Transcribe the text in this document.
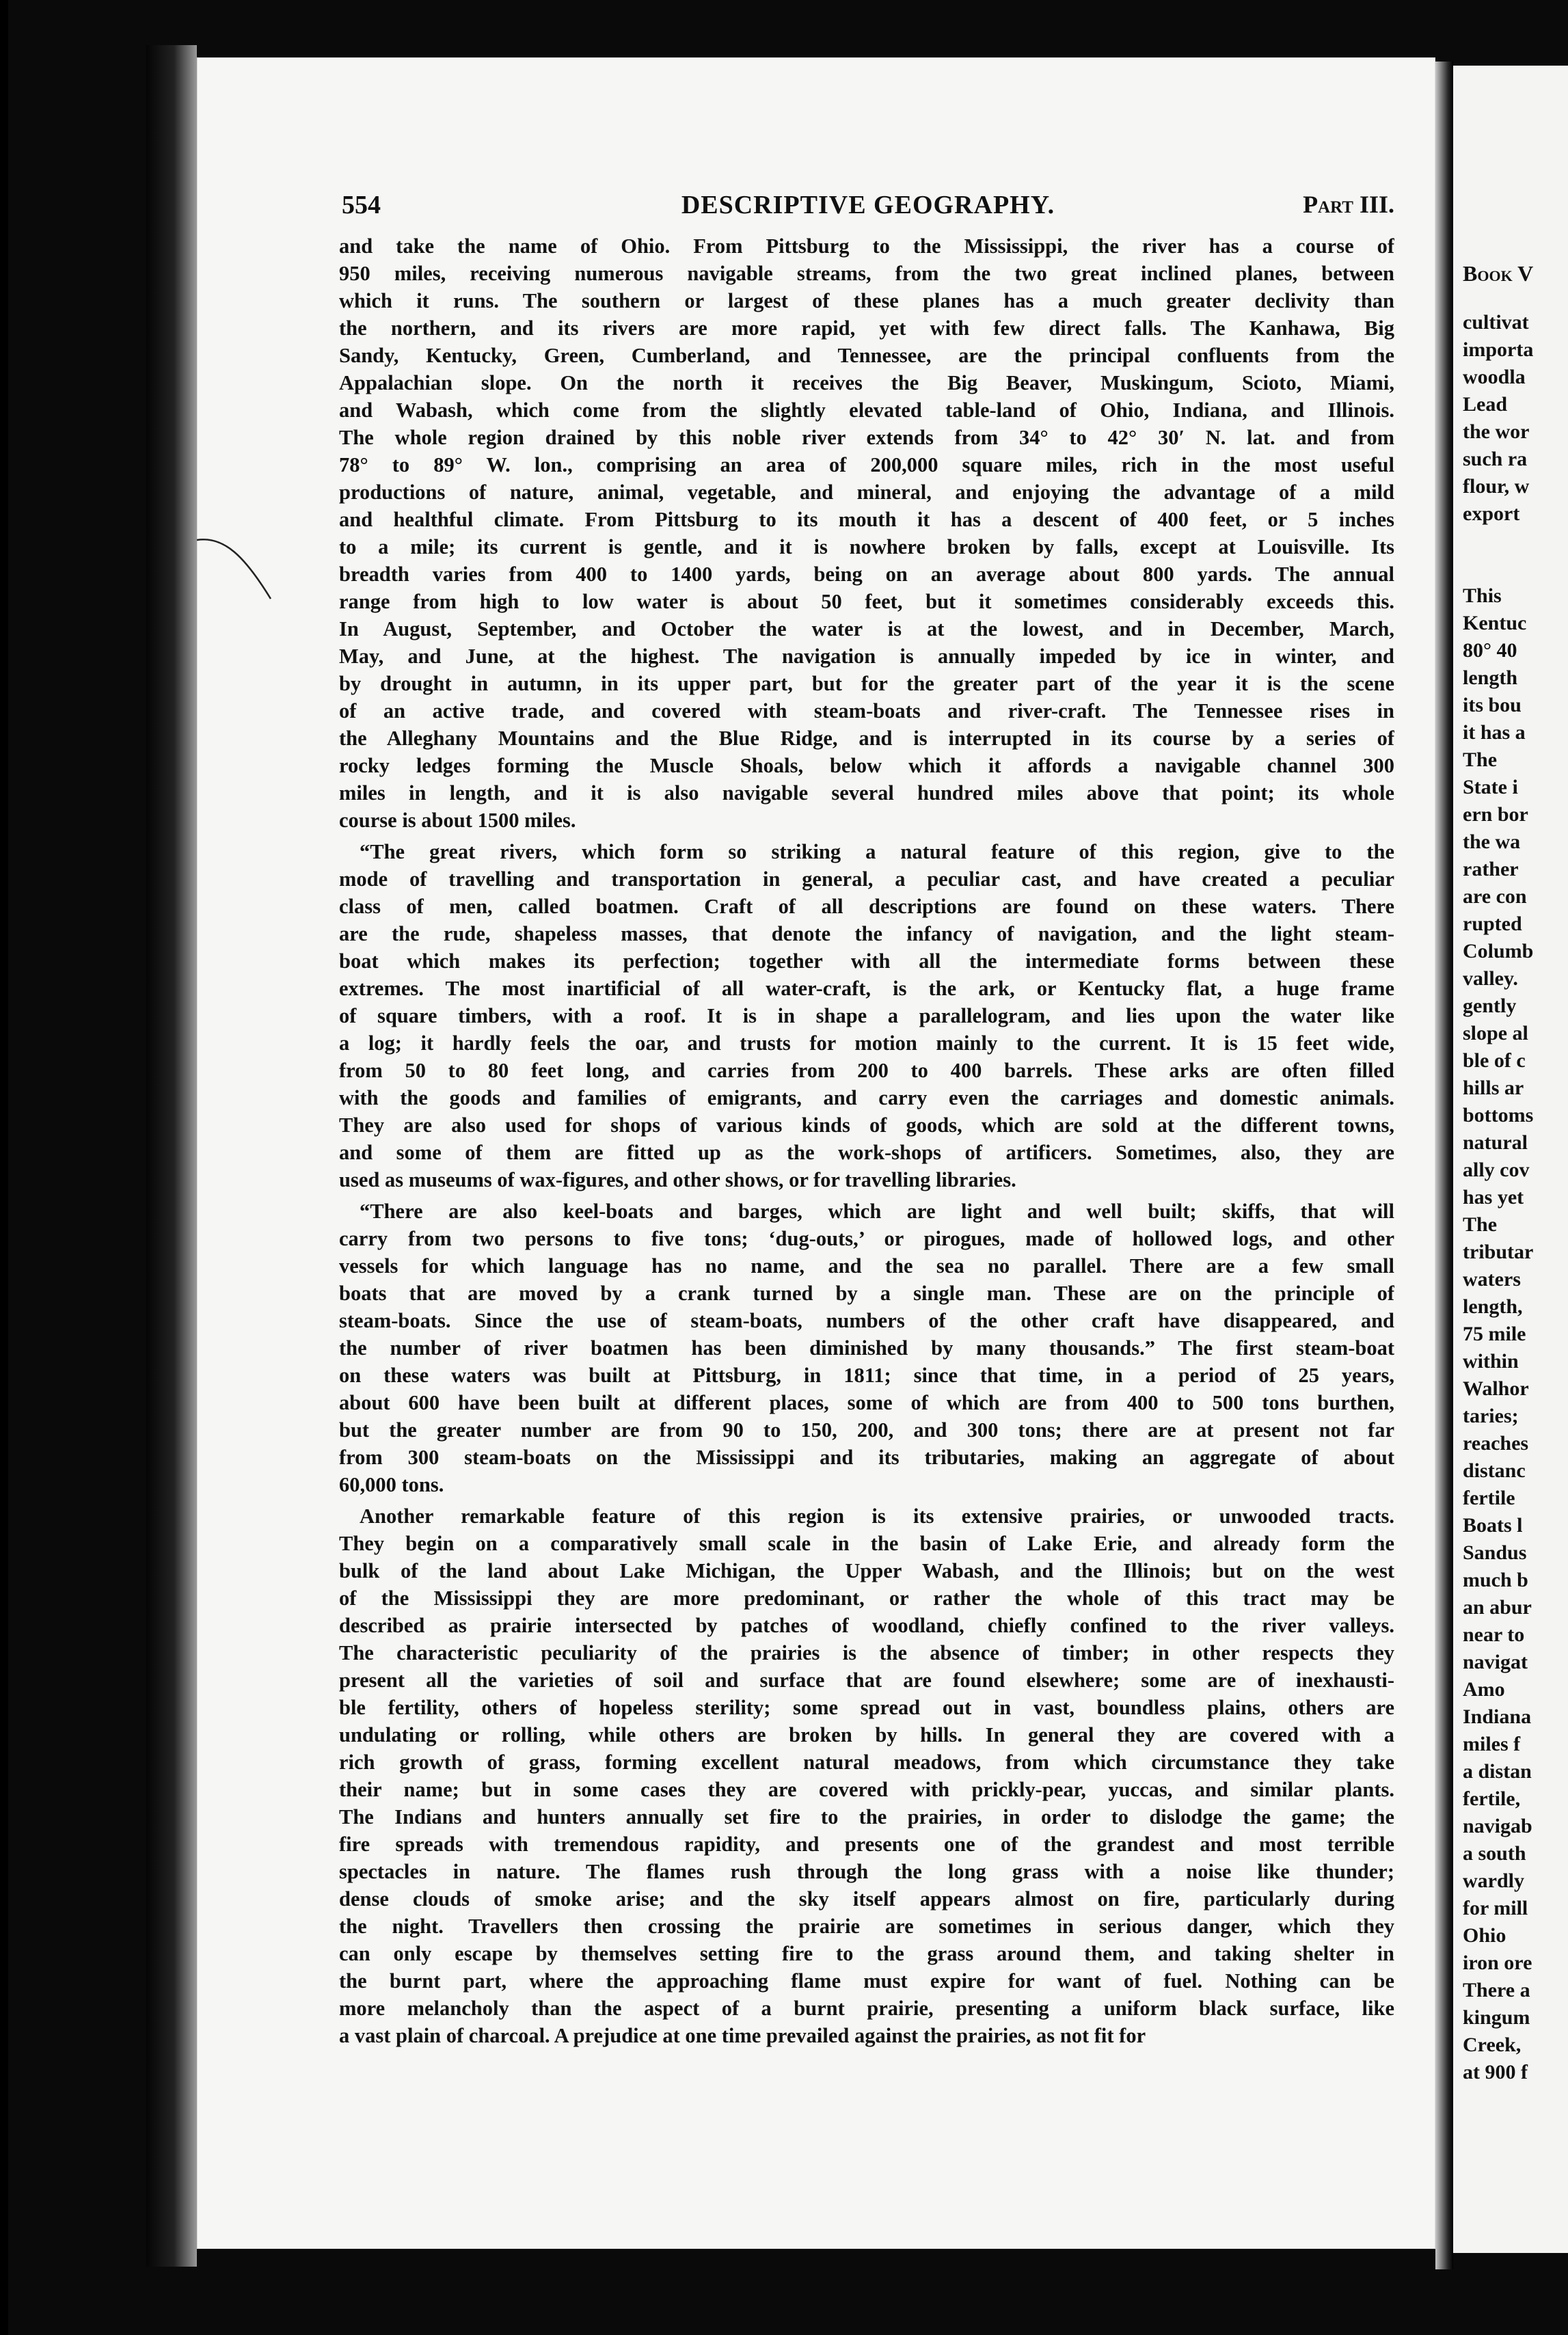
554	DESCRIPTIVE GEOGRAPHY.	Part III.
and take the name of Ohio. From Pittsburg to the Mississippi, the river has a course of
950 miles, receiving numerous navigable streams, from the two great inclined planes, between
which it runs. The southern or largest of these planes has a much greater declivity than
the northern, and its rivers are more rapid, yet with few direct falls. The Kanhawa, Big
Sandy, Kentucky, Green, Cumberland, and Tennessee, are the principal confluents from the
Appalachian slope. On the north it receives the Big Beaver, Muskingum, Scioto, Miami,
and Wabash, which come from the slightly elevated table-land of Ohio, Indiana, and Illinois.
The whole region drained by this noble river extends from 34° to 42° 30′ N. lat. and from
78° to 89° W. lon., comprising an area of 200,000 square miles, rich in the most useful
productions of nature, animal, vegetable, and mineral, and enjoying the advantage of a mild
and healthful climate. From Pittsburg to its mouth it has a descent of 400 feet, or 5 inches
to a mile; its current is gentle, and it is nowhere broken by falls, except at Louisville. Its
breadth varies from 400 to 1400 yards, being on an average about 800 yards. The annual
range from high to low water is about 50 feet, but it sometimes considerably exceeds this.
In August, September, and October the water is at the lowest, and in December, March,
May, and June, at the highest. The navigation is annually impeded by ice in winter, and
by drought in autumn, in its upper part, but for the greater part of the year it is the scene
of an active trade, and covered with steam-boats and river-craft. The Tennessee rises in
the Alleghany Mountains and the Blue Ridge, and is interrupted in its course by a series of
rocky ledges forming the Muscle Shoals, below which it affords a navigable channel 300
miles in length, and it is also navigable several hundred miles above that point; its whole
course is about 1500 miles.
“The great rivers, which form so striking a natural feature of this region, give to the
mode of travelling and transportation in general, a peculiar cast, and have created a peculiar
class of men, called boatmen. Craft of all descriptions are found on these waters. There
are the rude, shapeless masses, that denote the infancy of navigation, and the light steam-
boat which makes its perfection; together with all the intermediate forms between these
extremes. The most inartificial of all water-craft, is the ark, or Kentucky flat, a huge frame
of square timbers, with a roof. It is in shape a parallelogram, and lies upon the water like
a log; it hardly feels the oar, and trusts for motion mainly to the current. It is 15 feet wide,
from 50 to 80 feet long, and carries from 200 to 400 barrels. These arks are often filled
with the goods and families of emigrants, and carry even the carriages and domestic animals.
They are also used for shops of various kinds of goods, which are sold at the different towns,
and some of them are fitted up as the work-shops of artificers. Sometimes, also, they are
used as museums of wax-figures, and other shows, or for travelling libraries.
“There are also keel-boats and barges, which are light and well built; skiffs, that will
carry from two persons to five tons; ‘dug-outs,’ or pirogues, made of hollowed logs, and other
vessels for which language has no name, and the sea no parallel. There are a few small
boats that are moved by a crank turned by a single man. These are on the principle of
steam-boats. Since the use of steam-boats, numbers of the other craft have disappeared, and
the number of river boatmen has been diminished by many thousands.” The first steam-boat
on these waters was built at Pittsburg, in 1811; since that time, in a period of 25 years,
about 600 have been built at different places, some of which are from 400 to 500 tons burthen,
but the greater number are from 90 to 150, 200, and 300 tons; there are at present not far
from 300 steam-boats on the Mississippi and its tributaries, making an aggregate of about
60,000 tons.
Another remarkable feature of this region is its extensive prairies, or unwooded tracts.
They begin on a comparatively small scale in the basin of Lake Erie, and already form the
bulk of the land about Lake Michigan, the Upper Wabash, and the Illinois; but on the west
of the Mississippi they are more predominant, or rather the whole of this tract may be
described as prairie intersected by patches of woodland, chiefly confined to the river valleys.
The characteristic peculiarity of the prairies is the absence of timber; in other respects they
present all the varieties of soil and surface that are found elsewhere; some are of inexhausti-
ble fertility, others of hopeless sterility; some spread out in vast, boundless plains, others are
undulating or rolling, while others are broken by hills. In general they are covered with a
rich growth of grass, forming excellent natural meadows, from which circumstance they take
their name; but in some cases they are covered with prickly-pear, yuccas, and similar plants.
The Indians and hunters annually set fire to the prairies, in order to dislodge the game; the
fire spreads with tremendous rapidity, and presents one of the grandest and most terrible
spectacles in nature. The flames rush through the long grass with a noise like thunder;
dense clouds of smoke arise; and the sky itself appears almost on fire, particularly during
the night. Travellers then crossing the prairie are sometimes in serious danger, which they
can only escape by themselves setting fire to the grass around them, and taking shelter in
the burnt part, where the approaching flame must expire for want of fuel. Nothing can be
more melancholy than the aspect of a burnt prairie, presenting a uniform black surface, like
a vast plain of charcoal. A prejudice at one time prevailed against the prairies, as not fit for
Book V
cultivat
importa
woodla
Lead
the wor
such ra
flour, w
export
This
Kentuc
80° 40
length
its bou
it has a
The
State i
ern bor
the wa
rather
are con
rupted
Columb
valley.
gently
slope al
ble of c
hills ar
bottoms
natural
ally cov
has yet
The
tributar
waters
length,
75 mile
within
Walhor
taries;
reaches
distanc
fertile
Boats l
Sandus
much b
an abur
near to
navigat
Amo
Indiana
miles f
a distan
fertile,
navigab
a south
wardly
for mill
Ohio
iron ore
There a
kingum
Creek,
at 900 f
